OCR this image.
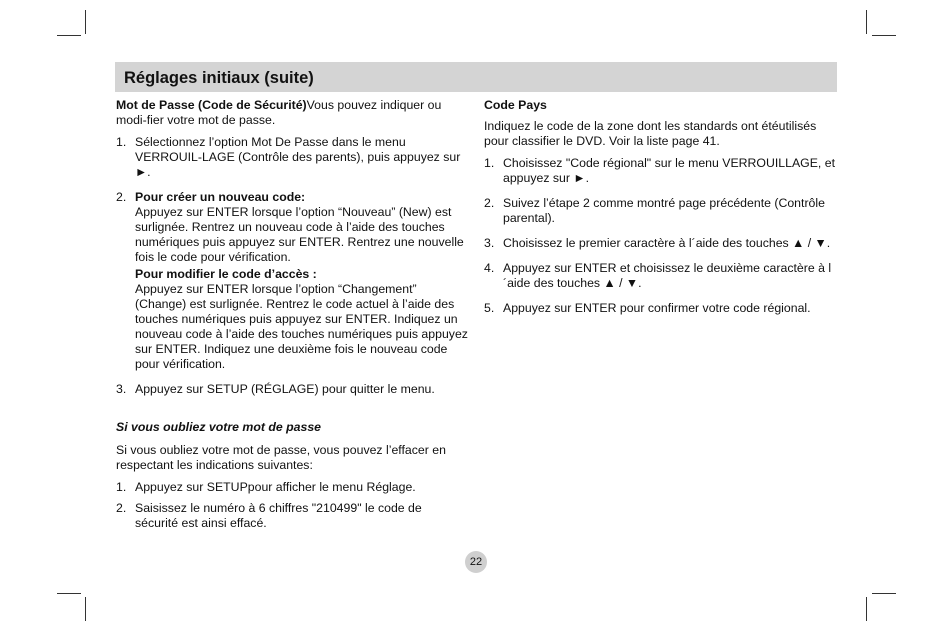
Réglages initiaux (suite)

Mot de Passe (Code de Sécurité)Vous pouvez indiquer ou modi-fier votre mot de passe.

1. Sélectionnez l’option Mot De Passe dans le menu VERROUIL-LAGE (Contrôle des parents), puis appuyez sur ►.
2. Pour créer un nouveau code:
Appuyez sur ENTER lorsque l’option “Nouveau” (New) est surlignée. Rentrez un nouveau code à l’aide des touches numériques puis appuyez sur ENTER. Rentrez une nouvelle fois le code pour vérification.
Pour modifier le code d’accès :
Appuyez sur ENTER lorsque l’option “Changement” (Change) est surlignée. Rentrez le code actuel à l’aide des touches numériques puis appuyez sur ENTER. Indiquez un nouveau code à l’aide des touches numériques puis appuyez sur ENTER. Indiquez une deuxième fois le nouveau code pour vérification.
3. Appuyez sur SETUP (RÉGLAGE) pour quitter le menu.

Si vous oubliez votre mot de passe

Si vous oubliez votre mot de passe, vous pouvez l’effacer en respectant les indications suivantes:

1. Appuyez sur SETUPpour afficher le menu Réglage.
2. Saisissez le numéro à 6 chiffres "210499" le code de sécurité est ainsi effacé.

Code Pays

Indiquez le code de la zone dont les standards ont étéutilisés pour classifier le DVD. Voir la liste page 41.

1. Choisissez "Code régional" sur le menu VERROUILLAGE, et appuyez sur ►.
2. Suivez l’étape 2 comme montré page précédente (Contrôle parental).
3. Choisissez le premier caractère à l´aide des touches ▲ / ▼.
4. Appuyez sur ENTER et choisissez le deuxième caractère à l´aide des touches ▲ / ▼.
5. Appuyez sur ENTER pour confirmer votre code régional.
22
